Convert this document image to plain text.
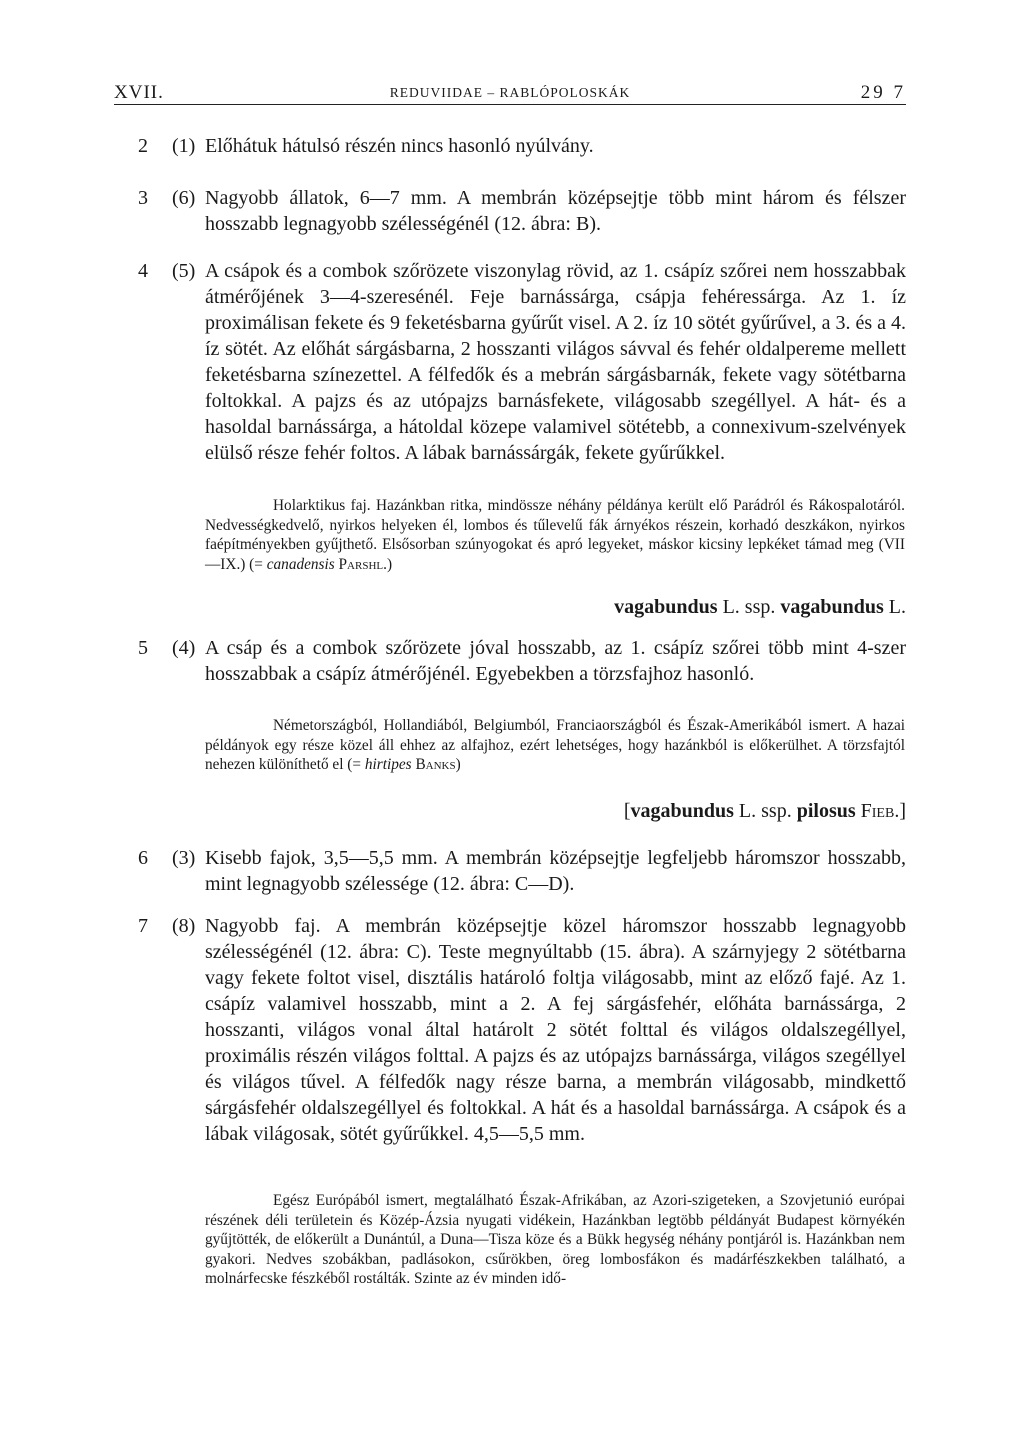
XVII.	REDUVIIDAE – RABLÓPOLOSKÁK	29 7
2 (1) Előhátuk hátulsó részén nincs hasonló nyúlvány.
3 (6) Nagyobb állatok, 6—7 mm. A membrán középsejtje több mint három és félszer hosszabb legnagyobb szélességénél (12. ábra: B).
4 (5) A csápok és a combok szőrözete viszonylag rövid, az 1. csápíz szőrei nem hosszabbak átmérőjének 3—4-szeresénél. Feje barnássárga, csápja fehéressárga. Az 1. íz proximálisan fekete és 9 feketésbarna gyűrűt visel. A 2. íz 10 sötét gyűrűvel, a 3. és a 4. íz sötét. Az előhát sárgásbarna, 2 hosszanti világos sávval és fehér oldalpereme mellett feketésbarna színezettel. A félfedők és a mebrán sárgásbarnák, fekete vagy sötétbarna foltokkal. A pajzs és az utópajzs barnásfekete, világosabb szegéllyel. A hát- és a hasoldal barnássárga, a hátoldal közepe valamivel sötétebb, a connexivum-szelvények elülső része fehér foltos. A lábak barnássárgák, fekete gyűrűkkel.
Holarktikus faj. Hazánkban ritka, mindössze néhány példánya került elő Parádról és Rákospalotáról. Nedvességkedvelő, nyirkos helyeken él, lombos és tűlevelű fák árnyékos részein, korhadó deszkákon, nyirkos faépítményekben gyűjthető. Elsősorban szúnyogokat és apró legyeket, máskor kicsiny lepkéket támad meg (VII—IX.) (= canadensis Parshl.)
vagabundus L. ssp. vagabundus L.
5 (4) A csáp és a combok szőrözete jóval hosszabb, az 1. csápíz szőrei több mint 4-szer hosszabbak a csápíz átmérőjénél. Egyebekben a törzsfajhoz hasonló.
Németországból, Hollandiából, Belgiumból, Franciaországból és Észak-Amerikából ismert. A hazai példányok egy része közel áll ehhez az alfajhoz, ezért lehetséges, hogy hazánkból is előkerülhet. A törzsfajtól nehezen különíthető el (= hirtipes Banks)
[vagabundus L. ssp. pilosus Fieb.]
6 (3) Kisebb fajok, 3,5—5,5 mm. A membrán középsejtje legfeljebb háromszor hosszabb, mint legnagyobb szélessége (12. ábra: C—D).
7 (8) Nagyobb faj. A membrán középsejtje közel háromszor hosszabb legnagyobb szélességénél (12. ábra: C). Teste megnyúltabb (15. ábra). A szárnyjegy 2 sötétbarna vagy fekete foltot visel, disztális határoló foltja világosabb, mint az előző fajé. Az 1. csápíz valamivel hosszabb, mint a 2. A fej sárgásfehér, előháta barnássárga, 2 hosszanti, világos vonal által határolt 2 sötét folttal és világos oldalszegéllyel, proximális részén világos folttal. A pajzs és az utópajzs barnássárga, világos szegéllyel és világos tűvel. A félfedők nagy része barna, a membrán világosabb, mindkettő sárgásfehér oldalszegéllyel és foltokkal. A hát és a hasoldal barnássárga. A csápok és a lábak világosak, sötét gyűrűkkel. 4,5—5,5 mm.
Egész Európából ismert, megtalálható Észak-Afrikában, az Azori-szigeteken, a Szovjetunió európai részének déli területein és Közép-Ázsia nyugati vidékein, Hazánkban legtöbb példányát Budapest környékén gyűjtötték, de előkerült a Dunántúl, a Duna—Tisza köze és a Bükk hegység néhány pontjáról is. Hazánkban nem gyakori. Nedves szobákban, padlásokon, csűrökben, öreg lombosfákon és madárfészkekben található, a molnárfecske fészkéből rostálták. Szinte az év minden idő-
